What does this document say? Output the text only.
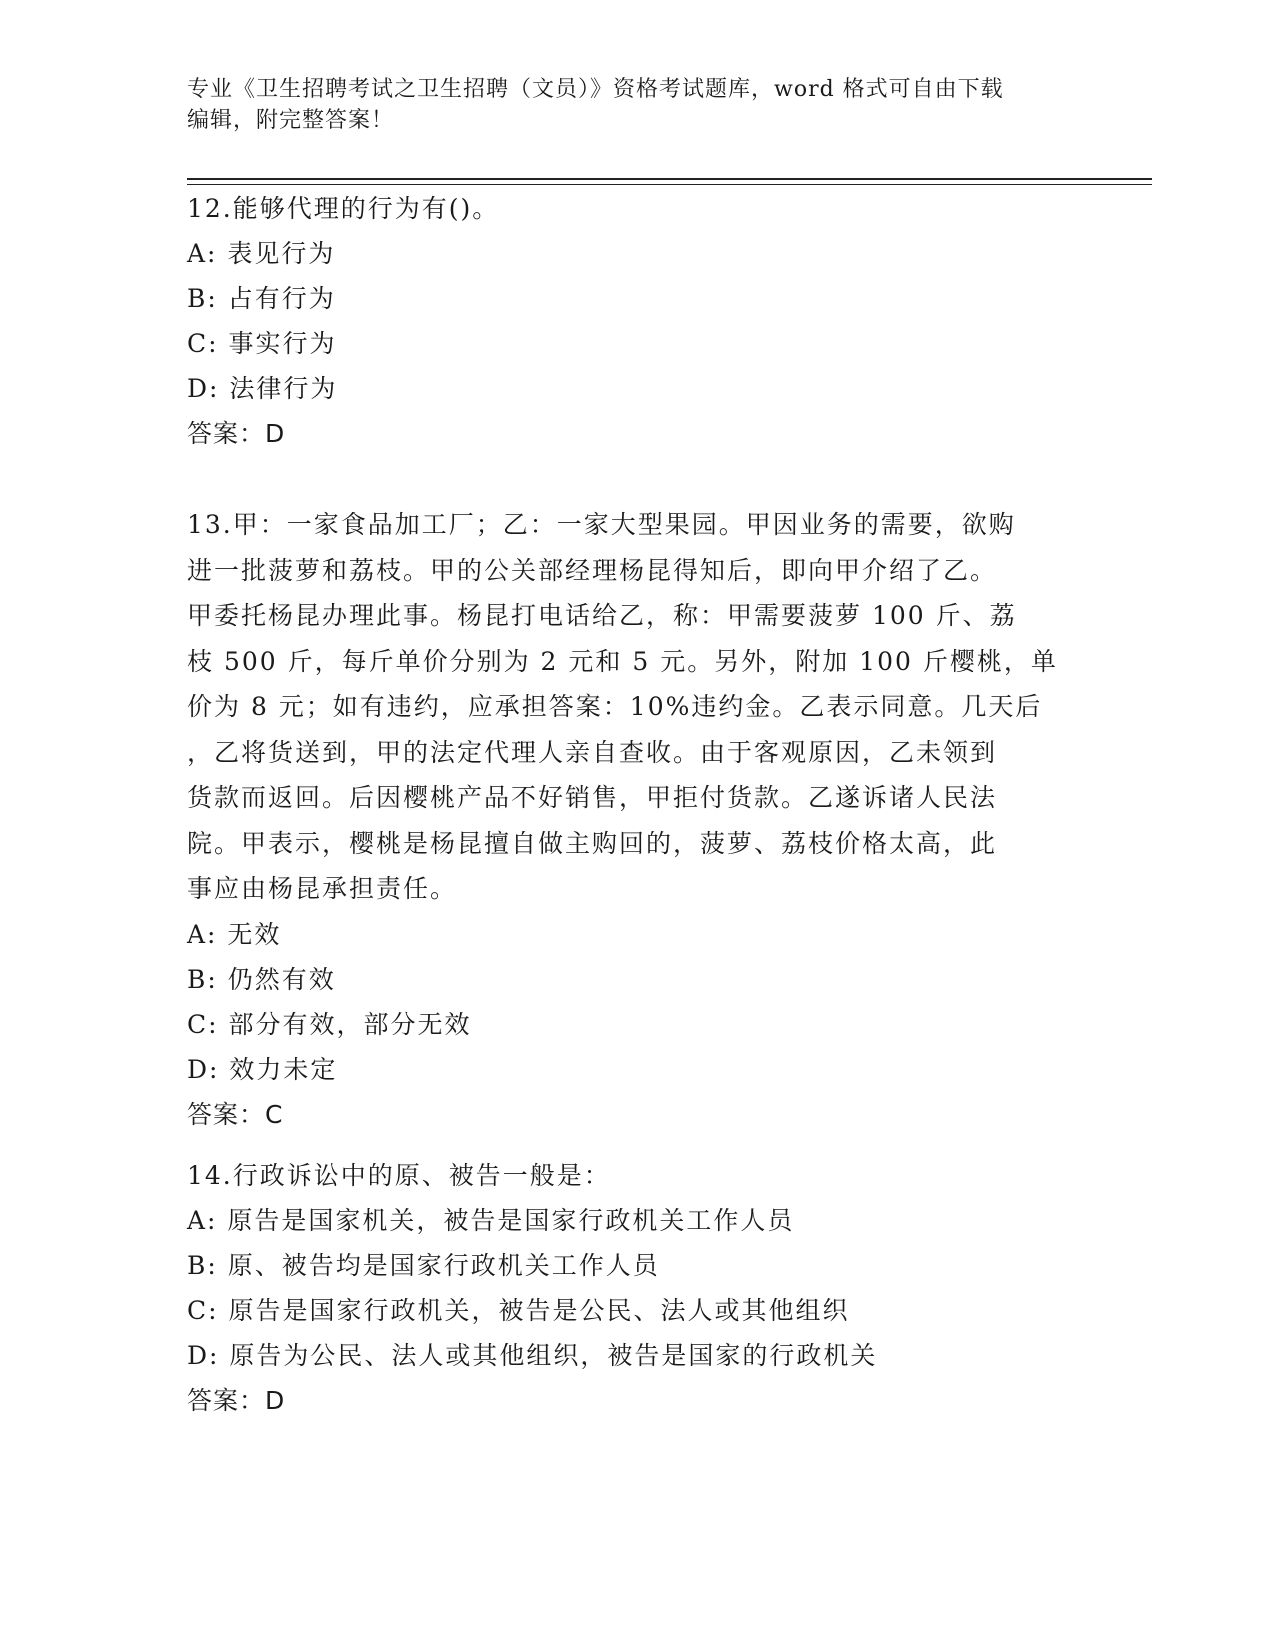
专业《卫生招聘考试之卫生招聘（文员）》资格考试题库，word 格式可自由下载
编辑，附完整答案！
12.能够代理的行为有()。
A: 表见行为
B: 占有行为
C: 事实行为
D: 法律行为
答案：D
13.甲：一家食品加工厂；乙：一家大型果园。甲因业务的需要，欲购
进一批菠萝和荔枝。甲的公关部经理杨昆得知后，即向甲介绍了乙。
甲委托杨昆办理此事。杨昆打电话给乙，称：甲需要菠萝 100 斤、荔
枝 500 斤，每斤单价分别为 2 元和 5 元。另外，附加 100 斤樱桃，单
价为 8 元；如有违约，应承担答案：10%违约金。乙表示同意。几天后
，乙将货送到，甲的法定代理人亲自查收。由于客观原因，乙未领到
货款而返回。后因樱桃产品不好销售，甲拒付货款。乙遂诉诸人民法
院。甲表示，樱桃是杨昆擅自做主购回的，菠萝、荔枝价格太高，此
事应由杨昆承担责任。
A: 无效
B: 仍然有效
C: 部分有效，部分无效
D: 效力未定
答案：C
14.行政诉讼中的原、被告一般是：
A: 原告是国家机关，被告是国家行政机关工作人员
B: 原、被告均是国家行政机关工作人员
C: 原告是国家行政机关，被告是公民、法人或其他组织
D: 原告为公民、法人或其他组织，被告是国家的行政机关
答案：D
